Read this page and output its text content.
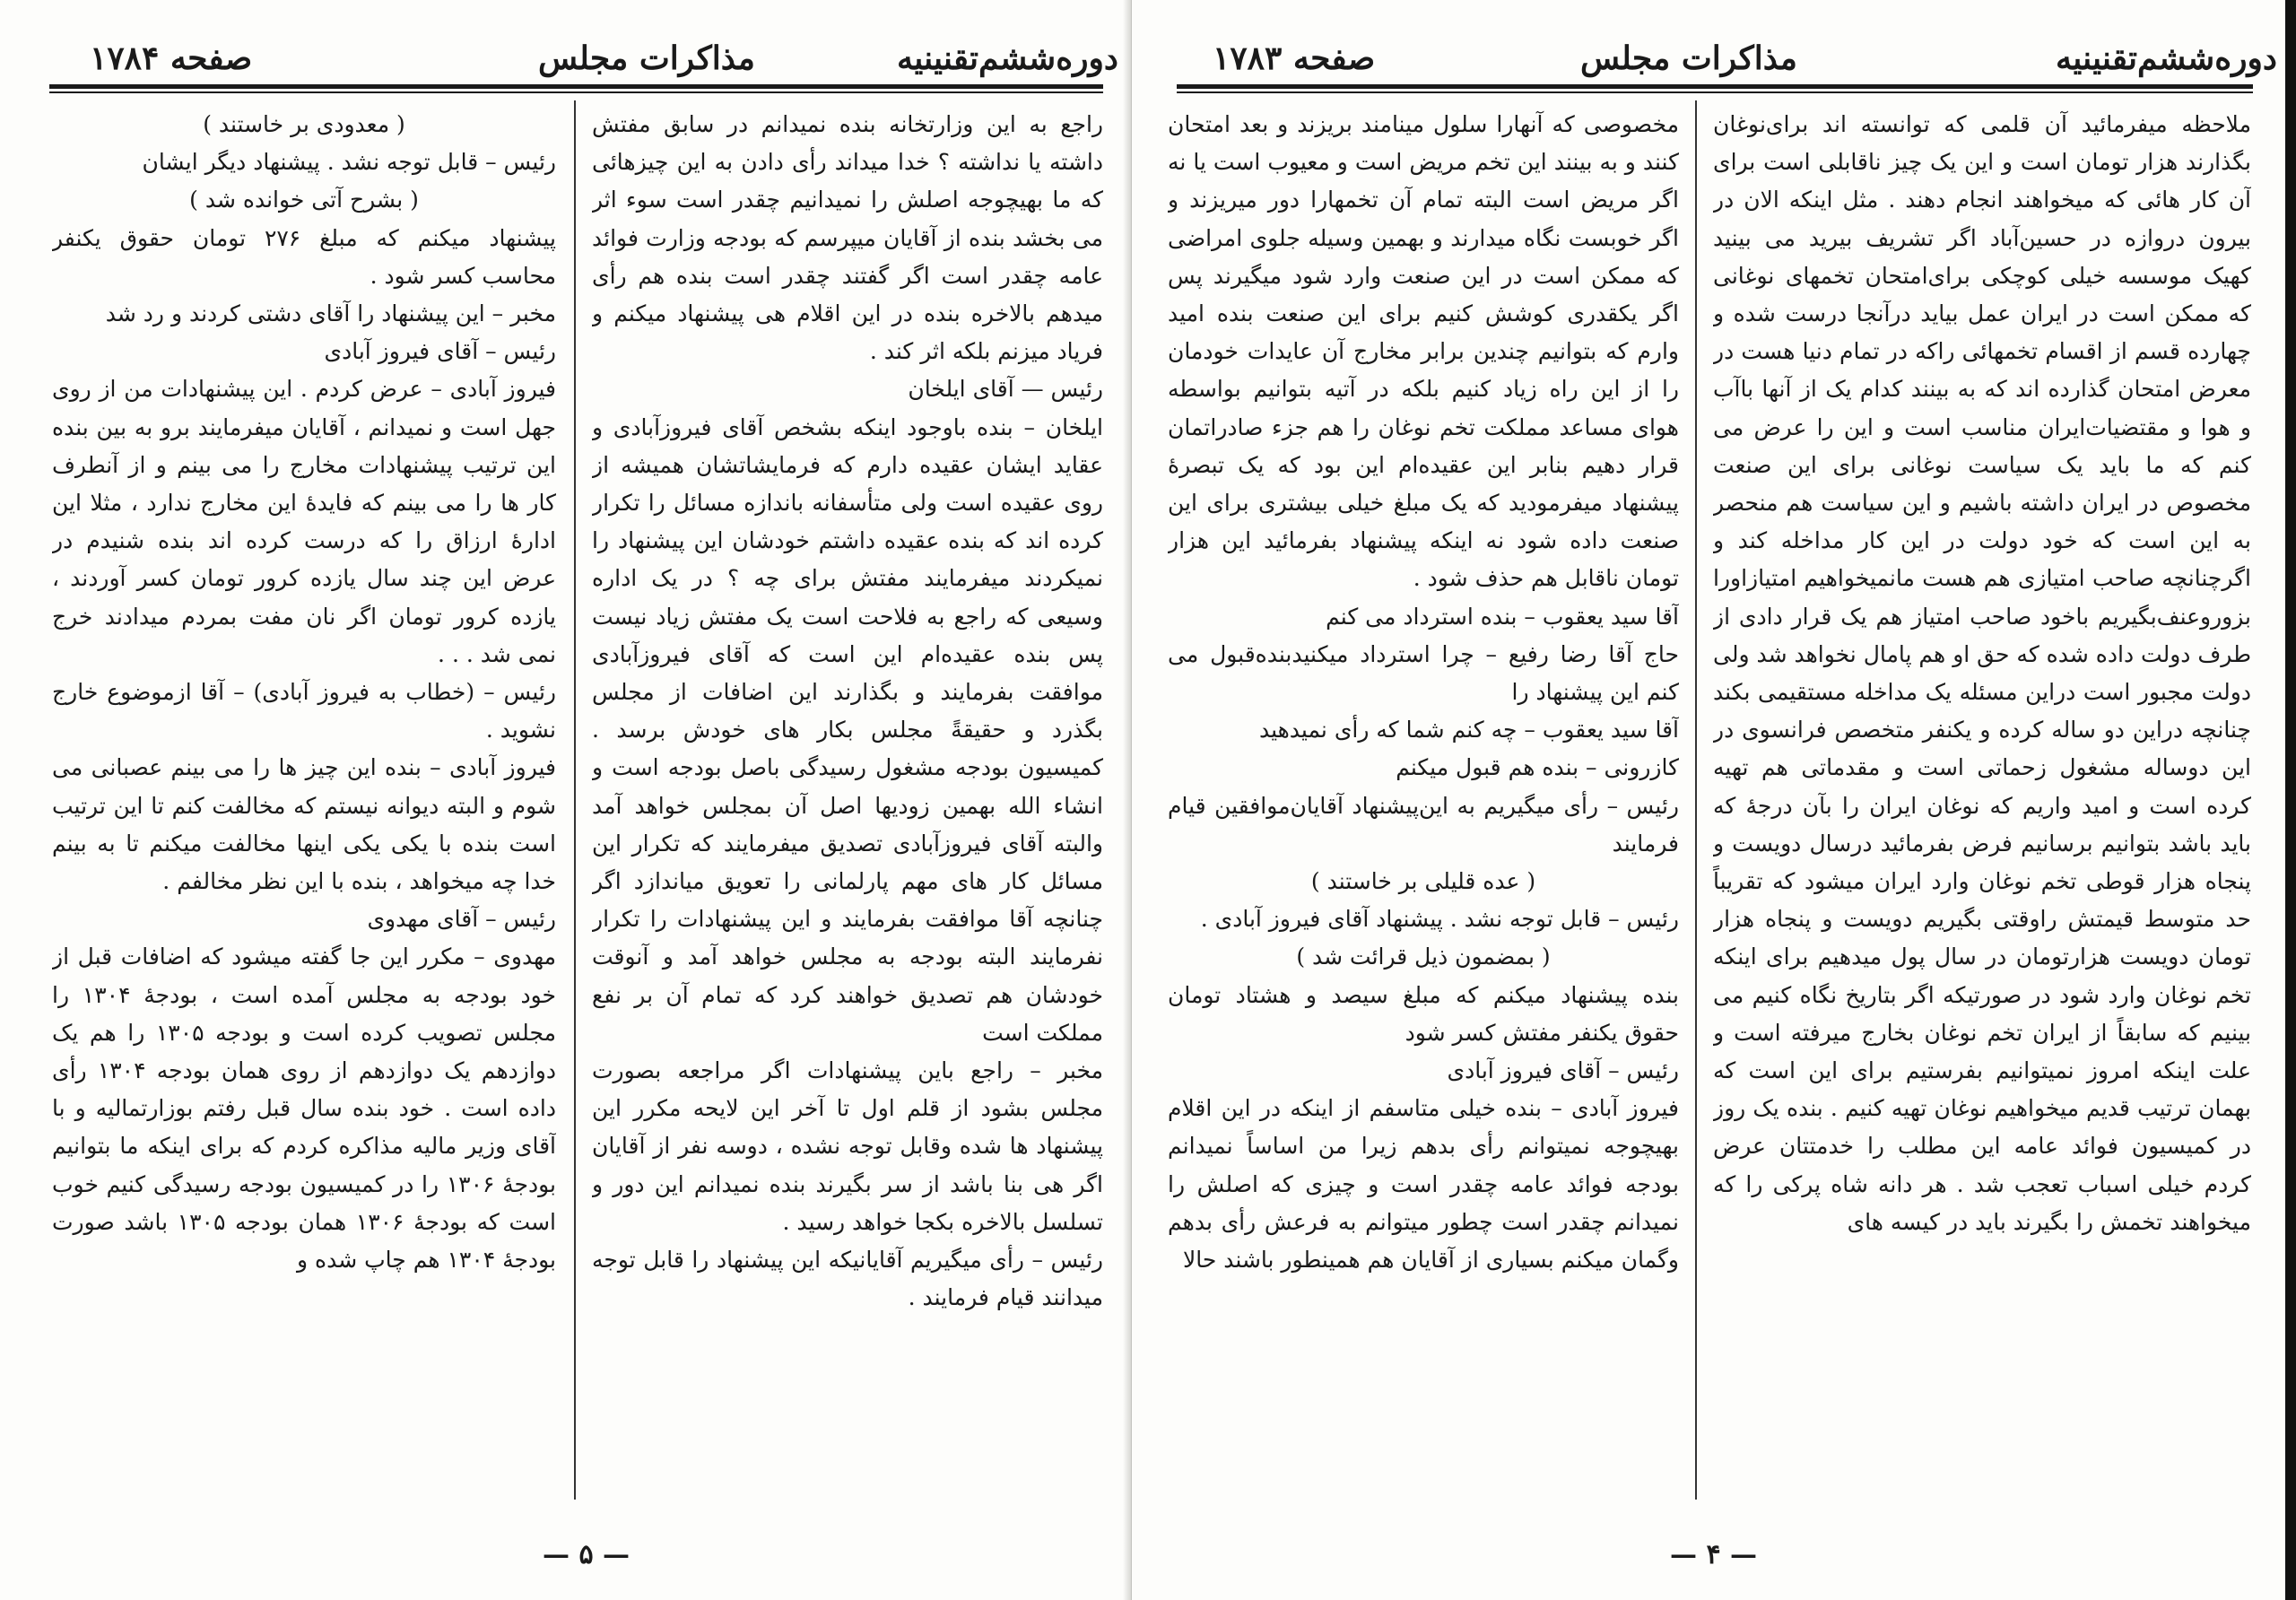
صفحه ۱۷۸۴	مذاکرات مجلس	دوره‌ششم‌تقنینیه

راجع به این وزارتخانه بنده نمیدانم در سابق مفتش داشته یا نداشته ؟ خدا میداند رأی دادن به این چیزهائی که ما بهیچوجه اصلش را نمیدانیم چقدر است سوء اثر می بخشد بنده از آقایان میپرسم که بودجه وزارت فوائد عامه چقدر است اگر گفتند چقدر است بنده هم رأی میدهم بالاخره بنده در این اقلام هی پیشنهاد میکنم و فریاد میزنم بلکه اثر کند .

رئیس — آقای ایلخان

ایلخان – بنده باوجود اینکه بشخص آقای فیروزآبادی و عقاید ایشان عقیده دارم که فرمایشاتشان همیشه از روی عقیده است ولی متأسفانه باندازه مسائل را تکرار کرده اند که بنده عقیده داشتم خودشان این پیشنهاد را نمیکردند میفرمایند مفتش برای چه ؟ در یک اداره وسیعی که راجع به فلاحت است یک مفتش زیاد نیست پس بنده عقیده‌ام این است که آقای فیروزآبادی موافقت بفرمایند و بگذارند این اضافات از مجلس بگذرد و حقیقةً مجلس بکار های خودش برسد . کمیسیون بودجه مشغول رسیدگی باصل بودجه است و انشاء الله بهمین زودیها اصل آن بمجلس خواهد آمد والبته آقای فیروزآبادی تصدیق میفرمایند که تکرار این مسائل کار های مهم پارلمانی را تعویق میاندازد اگر چنانچه آقا موافقت بفرمایند و این پیشنهادات را تکرار نفرمایند البته بودجه به مجلس خواهد آمد و آنوقت خودشان هم تصدیق خواهند کرد که تمام آن بر نفع مملکت است

مخبر – راجع باین پیشنهادات اگر مراجعه بصورت مجلس بشود از قلم اول تا آخر این لایحه مکرر این پیشنهاد ها شده وقابل توجه نشده ، دوسه نفر از آقایان اگر هی بنا باشد از سر بگیرند بنده نمیدانم این دور و تسلسل بالاخره بکجا خواهد رسید .

رئیس – رأی میگیریم آقایانیکه این پیشنهاد را قابل توجه میدانند قیام فرمایند .

( معدودی بر خاستند )

رئیس – قابل توجه نشد . پیشنهاد دیگر ایشان

( بشرح آتی خوانده شد )

پیشنهاد میکنم که مبلغ ۲۷۶ تومان حقوق یکنفر محاسب کسر شود .

مخبر – این پیشنهاد را آقای دشتی کردند و رد شد

رئیس – آقای فیروز آبادی

فیروز آبادی – عرض کردم . این پیشنهادات من از روی جهل است و نمیدانم ، آقایان میفرمایند برو به بین بنده این ترتیب پیشنهادات مخارج را می بینم و از آنطرف کار ها را می بینم که فایدهٔ این مخارج ندارد ، مثلا این ادارهٔ ارزاق را که درست کرده اند بنده شنیدم در عرض این چند سال یازده کرور تومان کسر آوردند ، یازده کرور تومان اگر نان مفت بمردم میدادند خرج نمی شد . . .

رئیس – (خطاب به فیروز آبادی) – آقا ازموضوع خارج نشوید .

فیروز آبادی – بنده این چیز ها را می بینم عصبانی می شوم و البته دیوانه نیستم که مخالفت کنم تا این ترتیب است بنده با یکی یکی اینها مخالفت میکنم تا به بینم خدا چه میخواهد ، بنده با این نظر مخالفم .

رئیس – آقای مهدوی

مهدوی – مکرر این جا گفته میشود که اضافات قبل از خود بودجه به مجلس آمده است ، بودجهٔ ۱۳۰۴ را مجلس تصویب کرده است و بودجه ۱۳۰۵ را هم یک دوازدهم یک دوازدهم از روی همان بودجه ۱۳۰۴ رأی داده است . خود بنده سال قبل رفتم بوزارتمالیه و با آقای وزیر مالیه مذاکره کردم که برای اینکه ما بتوانیم بودجهٔ ۱۳۰۶ را در کمیسیون بودجه رسیدگی کنیم خوب است که بودجهٔ ۱۳۰۶ همان بودجه ۱۳۰۵ باشد صورت بودجهٔ ۱۳۰۴ هم چاپ شده و

— ۵ —
صفحه ۱۷۸۳	مذاکرات مجلس	دوره‌ششم‌تقنینیه

ملاحظه میفرمائید آن قلمی که توانسته اند برای‌نوغان بگذارند هزار تومان است و این یک چیز ناقابلی است برای آن کار هائی که میخواهند انجام دهند . مثل اینکه الان در بیرون دروازه در حسین‌آباد اگر تشریف بیرید می بینید کهیک موسسه خیلی کوچکی برای‌امتحان تخمهای نوغانی که ممکن است در ایران عمل بیاید درآنجا درست شده و چهارده قسم از اقسام تخمهائی راکه در تمام دنیا هست در معرض امتحان گذارده اند که به بینند کدام یک از آنها باآب و هوا و مقتضیات‌ایران مناسب است و این را عرض می کنم که ما باید یک سیاست نوغانی برای این صنعت مخصوص در ایران داشته باشیم و این سیاست هم منحصر به این است که خود دولت در این کار مداخله کند و اگرچنانچه صاحب امتیازی هم هست مانمیخواهیم امتیازاورا بزوروعنف‌بگیریم باخود صاحب امتیاز هم یک قرار دادی از طرف دولت داده شده که حق او هم پامال نخواهد شد ولی دولت مجبور است دراین مسئله یک مداخله مستقیمی بکند چنانچه دراین دو ساله کرده و یکنفر متخصص فرانسوی در این دوساله مشغول زحماتی است و مقدماتی هم تهیه کرده است و امید واریم که نوغان ایران را بآن درجهٔ که باید باشد بتوانیم برسانیم فرض بفرمائید درسال دویست و پنجاه هزار قوطی تخم نوغان وارد ایران میشود که تقریباً حد متوسط قیمتش راوقتی بگیریم دویست و پنجاه هزار تومان دویست هزارتومان در سال پول میدهیم برای اینکه تخم نوغان وارد شود در صورتیکه اگر بتاریخ نگاه کنیم می بینیم که سابقاً از ایران تخم نوغان بخارج میرفته است و علت اینکه امروز نمیتوانیم بفرستیم برای این است که بهمان ترتیب قدیم میخواهیم نوغان تهیه کنیم . بنده یک روز در کمیسیون فوائد عامه این مطلب را خدمتتان عرض کردم خیلی اسباب تعجب شد . هر دانه شاه پرکی را که میخواهند تخمش را بگیرند باید در کیسه های

مخصوصی که آنهارا سلول مینامند بریزند و بعد امتحان کنند و به بینند این تخم مریض است و معیوب است یا نه اگر مریض است البته تمام آن تخمهارا دور میریزند و اگر خوبست نگاه میدارند و بهمین وسیله جلوی امراضی که ممکن است در این صنعت وارد شود میگیرند پس اگر یکقدری کوشش کنیم برای این صنعت بنده امید وارم که بتوانیم چندین برابر مخارج آن عایدات خودمان را از این راه زیاد کنیم بلکه در آتیه بتوانیم بواسطه هوای مساعد مملکت تخم نوغان را هم جزء صادراتمان قرار دهیم بنابر این عقیده‌ام این بود که یک تبصرهٔ پیشنهاد میفرمودید که یک مبلغ خیلی بیشتری برای این صنعت داده شود نه اینکه پیشنهاد بفرمائید این هزار تومان ناقابل هم حذف شود .

آقا سید یعقوب – بنده استرداد می کنم

حاج آقا رضا رفیع – چرا استرداد میکنید‌بنده‌قبول می کنم این پیشنهاد را

آقا سید یعقوب – چه کنم شما که رأی نمیدهید

کازرونی – بنده هم قبول میکنم

رئیس – رأی میگیریم به این‌پیشنهاد آقایان‌موافقین قیام فرمایند

( عده قلیلی بر خاستند )

رئیس – قابل توجه نشد . پیشنهاد آقای فیروز آبادی .

( بمضمون ذیل قرائت شد )

بنده پیشنهاد میکنم که مبلغ سیصد و هشتاد تومان حقوق یکنفر مفتش کسر شود

رئیس – آقای فیروز آبادی

فیروز آبادی – بنده خیلی متاسفم از اینکه در این اقلام بهیچوجه نمیتوانم رأی بدهم زیرا من اساساً نمیدانم بودجه فوائد عامه چقدر است و چیزی که اصلش را نمیدانم چقدر است چطور میتوانم به فرعش رأی بدهم وگمان میکنم بسیاری از آقایان هم همینطور باشند حالا

— ۴ —
